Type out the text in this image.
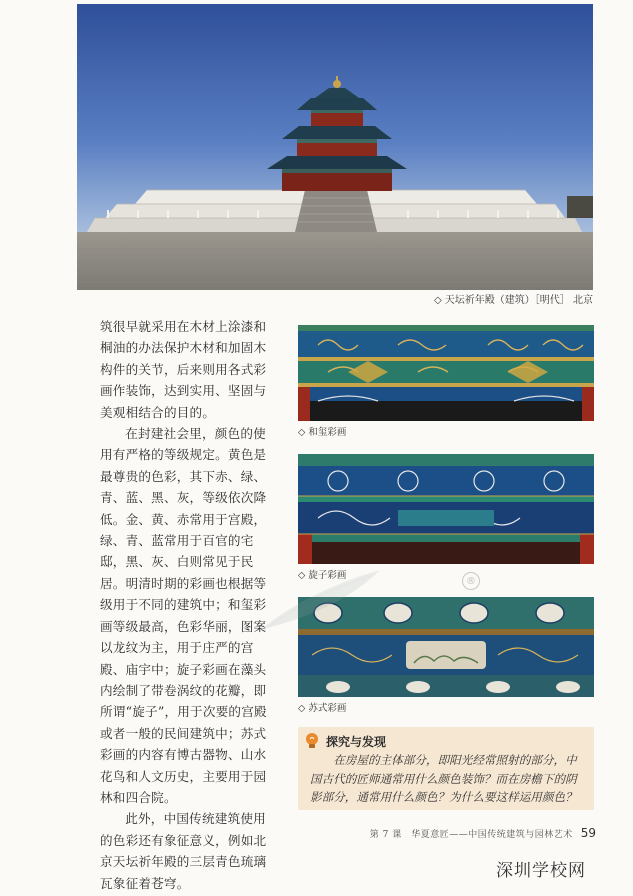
◇ 天坛祈年殿（建筑）［明代］ 北京

筑很早就采用在木材上涂漆和桐油的办法保护木材和加固木构件的关节，后来则用各式彩画作装饰，达到实用、坚固与美观相结合的目的。

在封建社会里，颜色的使用有严格的等级规定。黄色是最尊贵的色彩，其下赤、绿、青、蓝、黑、灰，等级依次降低。金、黄、赤常用于宫殿，绿、青、蓝常用于百官的宅邸，黑、灰、白则常见于民居。明清时期的彩画也根据等级用于不同的建筑中；和玺彩画等级最高，色彩华丽，图案以龙纹为主，用于庄严的宫殿、庙宇中；旋子彩画在藻头内绘制了带卷涡纹的花瓣，即所谓“旋子”，用于次要的宫殿或者一般的民间建筑中；苏式彩画的内容有博古器物、山水花鸟和人文历史，主要用于园林和四合院。

此外，中国传统建筑使用的色彩还有象征意义，例如北京天坛祈年殿的三层青色琉璃瓦象征着苍穹。

◇ 和玺彩画
◇ 旋子彩画
◇ 苏式彩画
探究与发现
在房屋的主体部分，即阳光经常照射的部分，中国古代的匠师通常用什么颜色装饰？而在房檐下的阴影部分，通常用什么颜色？为什么要这样运用颜色？
®
第 7 课　华夏意匠——中国传统建筑与园林艺术 59
深圳学校网
